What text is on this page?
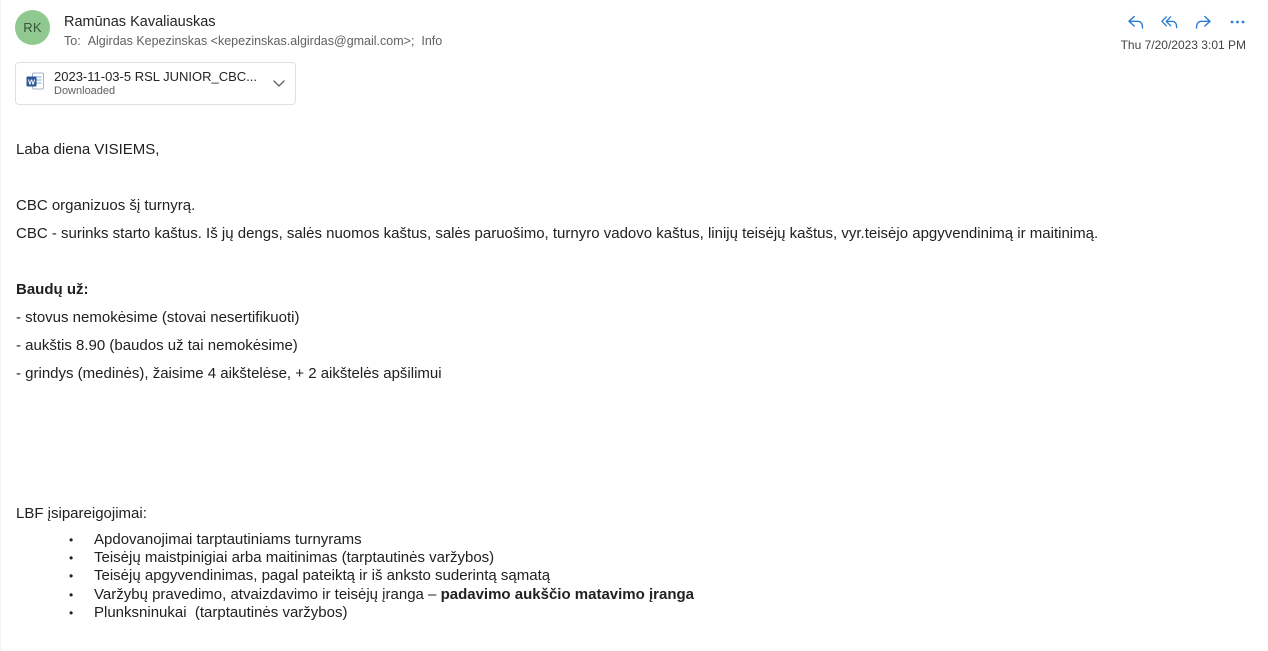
RK	Ramūnas Kavaliauskas
To: Algirdas Kepezinskas <kepezinskas.algirdas@gmail.com>;  Info	Thu 7/20/2023 3:01 PM
W 2023-11-03-5 RSL JUNIOR_CBC...
Downloaded
Laba diena VISIEMS,
CBC organizuos šį turnyrą.
CBC - surinks starto kaštus. Iš jų dengs, salės nuomos kaštus, salės paruošimo, turnyro vadovo kaštus, linijų teisėjų kaštus, vyr.teisėjo apgyvendinimą ir maitinimą.
Baudų už:
- stovus nemokėsime (stovai nesertifikuoti)
- aukštis 8.90 (baudos už tai nemokėsime)
- grindys (medinės), žaisime 4 aikštelėse, + 2 aikštelės apšilimui
LBF įsipareigojimai:
•	Apdovanojimai tarptautiniams turnyrams
•	Teisėjų maistpinigiai arba maitinimas (tarptautinės varžybos)
•	Teisėjų apgyvendinimas, pagal pateiktą ir iš anksto suderintą sąmatą
•	Varžybų pravedimo, atvaizdavimo ir teisėjų įranga – padavimo aukščio matavimo įranga
•	Plunksninukai  (tarptautinės varžybos)
